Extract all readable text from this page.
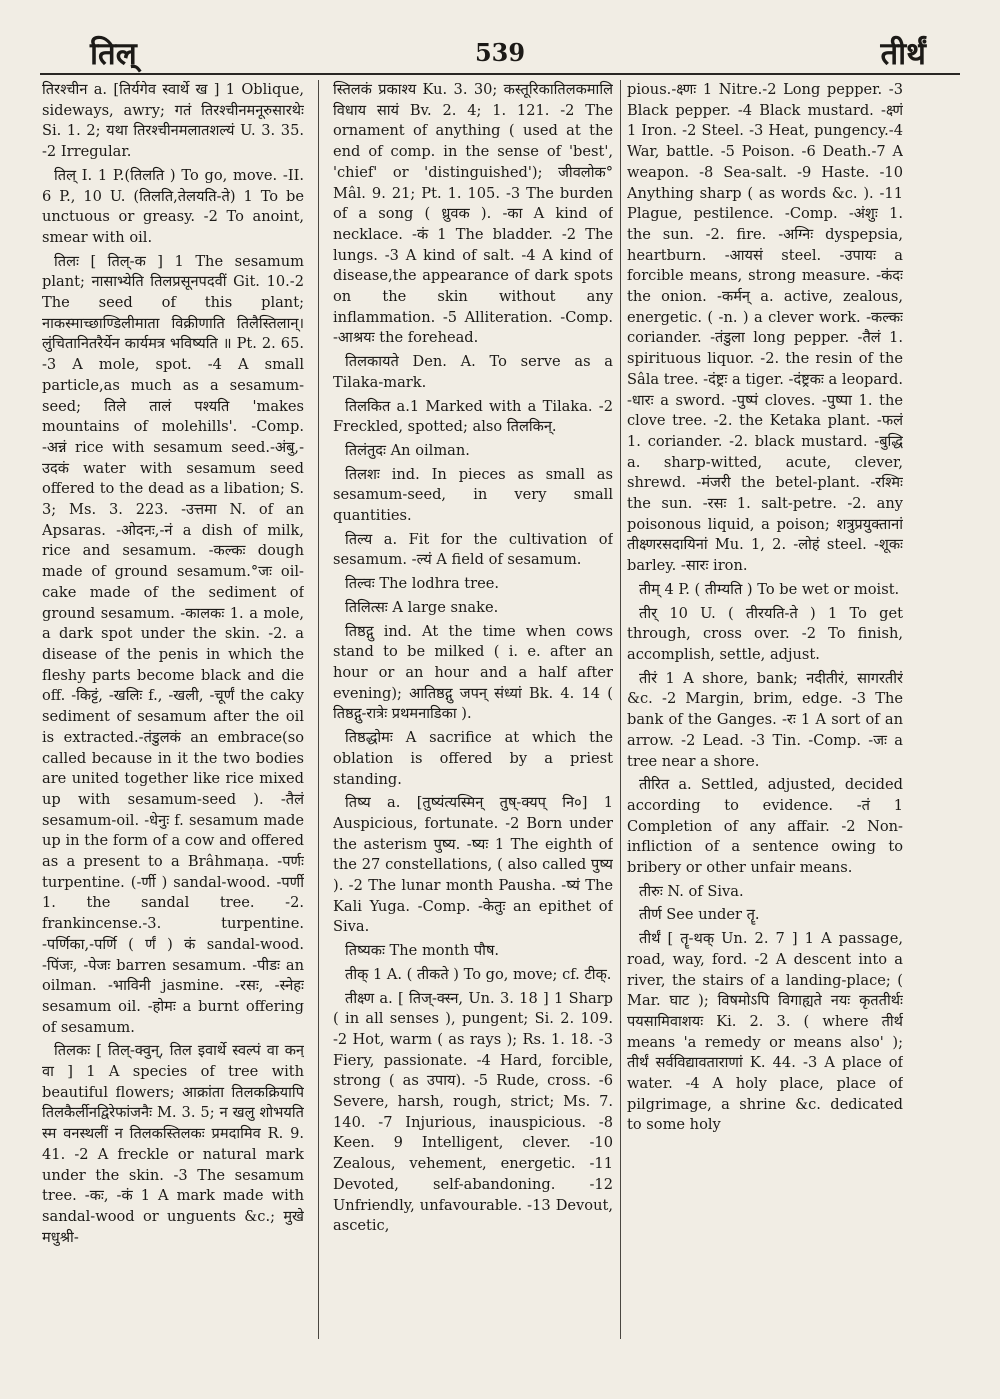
तिल्	539	तीर्थं

तिरश्चीन a. [तिर्यगेव स्वार्थे ख ] 1 Oblique, sideways, awry; गतं तिरश्चीनमनूरुसारथेः Si. 1. 2; यथा तिरश्चीनमलातशल्यं U. 3. 35. -2 Irregular.

तिल् I. 1 P.(तिलति ) To go, move. -II. 6 P., 10 U. (तिलति,तेलयति-ते) 1 To be unctuous or greasy. -2 To anoint, smear with oil.

तिलः [ तिल्-क ] 1 The sesamum plant; नासाभ्येति तिलप्रसूनपदवीं Git. 10.-2 The seed of this plant; नाकस्माच्छाण्डिलीमाता विक्रीणाति तिलैस्तिलान्। लुंचितानितरैर्येन कार्यमत्र भविष्यति ॥ Pt. 2. 65. -3 A mole, spot. -4 A small particle,as much as a sesamum-seed; तिले तालं पश्यति 'makes mountains of molehills'. -Comp. -अन्नं rice with sesamum seed.-अंबु,-उदकं water with sesamum seed offered to the dead as a libation; S. 3; Ms. 3. 223. -उत्तमा N. of an Apsaras. -ओदनः,-नं a dish of milk, rice and sesamum. -कल्कः dough made of ground sesamum.°जः oil-cake made of the sediment of ground sesamum. -कालकः 1. a mole, a dark spot under the skin. -2. a disease of the penis in which the fleshy parts become black and die off. -किट्टं, -खलिः f., -खली, -चूर्णं the caky sediment of sesamum after the oil is extracted.-तंडुलकं an embrace(so called because in it the two bodies are united together like rice mixed up with sesamum-seed ). -तैलं sesamum-oil. -धेनुः f. sesamum made up in the form of a cow and offered as a present to a Brâhmaṇa. -पर्णः turpentine. (-र्णी ) sandal-wood. -पर्णी 1. the sandal tree. -2. frankincense.-3. turpentine. -पर्णिका,-पर्णि ( र्णं ) कं sandal-wood. -पिंजः, -पेजः barren sesamum. -पीडः an oilman. -भाविनी jasmine. -रसः, -स्नेहः sesamum oil. -होमः a burnt offering of sesamum.

तिलकः [ तिल्-क्वुन्, तिल इवार्थे स्वल्पं वा कन् वा ] 1 A species of tree with beautiful flowers; आक्रांता तिलकक्रियापि तिलकैर्लीनद्विरेफांजनैः M. 3. 5; न खलु शोभयति स्म वनस्थलीं न तिलकस्तिलकः प्रमदामिव R. 9. 41. -2 A freckle or natural mark under the skin. -3 The sesamum tree. -कः, -कं 1 A mark made with sandal-wood or unguents &c.; मुखे मधुश्री-

स्तिलकं प्रकाश्य Ku. 3. 30; कस्तूरिकातिलकमालि विधाय सायं Bv. 2. 4; 1. 121. -2 The ornament of anything ( used at the end of comp. in the sense of 'best', 'chief' or 'distinguished'); जीवलोक° Mâl. 9. 21; Pt. 1. 105. -3 The burden of a song ( ध्रुवक ). -का A kind of necklace. -कं 1 The bladder. -2 The lungs. -3 A kind of salt. -4 A kind of disease,the appearance of dark spots on the skin without any inflammation. -5 Alliteration. -Comp. -आश्रयः the forehead.

तिलकायते Den. A. To serve as a Tilaka-mark.

तिलकित a.1 Marked with a Tilaka. -2 Freckled, spotted; also तिलकिन्.

तिलंतुदः An oilman.

तिलशः ind. In pieces as small as sesamum-seed, in very small quantities.

तिल्य a. Fit for the cultivation of sesamum. -ल्यं A field of sesamum.

तिल्वः The lodhra tree.

तिलित्सः A large snake.

तिष्ठद्गु ind. At the time when cows stand to be milked ( i. e. after an hour or an hour and a half after evening); आतिष्ठद्गु जपन् संध्यां Bk. 4. 14 ( तिष्ठद्गु-रात्रेः प्रथमनाडिका ).

तिष्ठद्धोमः A sacrifice at which the oblation is offered by a priest standing.

तिष्य a. [तुष्यंत्यस्मिन् तुष्-क्यप् नि०] 1 Auspicious, fortunate. -2 Born under the asterism पुष्य. -ष्यः 1 The eighth of the 27 constellations, ( also called पुष्य ). -2 The lunar month Pausha. -ष्यं The Kali Yuga. -Comp. -केतुः an epithet of Siva.

तिष्यकः The month पौष.

तीक् 1 A. ( तीकते ) To go, move; cf. टीक्.

तीक्ष्ण a. [ तिज्-क्स्न, Un. 3. 18 ] 1 Sharp ( in all senses ), pungent; Si. 2. 109. -2 Hot, warm ( as rays ); Rs. 1. 18. -3 Fiery, passionate. -4 Hard, forcible, strong ( as उपाय). -5 Rude, cross. -6 Severe, harsh, rough, strict; Ms. 7. 140. -7 Injurious, inauspicious. -8 Keen. 9 Intelligent, clever. -10 Zealous, vehement, energetic. -11 Devoted, self-abandoning. -12 Unfriendly, unfavourable. -13 Devout, ascetic,

pious.-क्ष्णः 1 Nitre.-2 Long pepper. -3 Black pepper. -4 Black mustard. -क्ष्णं 1 Iron. -2 Steel. -3 Heat, pungency.-4 War, battle. -5 Poison. -6 Death.-7 A weapon. -8 Sea-salt. -9 Haste. -10 Anything sharp ( as words &c. ). -11 Plague, pestilence. -Comp. -अंशुः 1. the sun. -2. fire. -अग्निः dyspepsia, heartburn. -आयसं steel. -उपायः a forcible means, strong measure. -कंदः the onion. -कर्मन् a. active, zealous, energetic. ( -n. ) a clever work. -कल्कः coriander. -तंडुला long pepper. -तैलं 1. spirituous liquor. -2. the resin of the Sâla tree. -दंष्ट्रः a tiger. -दंष्ट्रकः a leopard. -धारः a sword. -पुष्पं cloves. -पुष्पा 1. the clove tree. -2. the Ketaka plant. -फलं 1. coriander. -2. black mustard. -बुद्धि a. sharp-witted, acute, clever, shrewd. -मंजरी the betel-plant. -रश्मिः the sun. -रसः 1. salt-petre. -2. any poisonous liquid, a poison; शत्रुप्रयुक्तानां तीक्ष्णरसदायिनां Mu. 1, 2. -लोहं steel. -शूकः barley. -सारः iron.

तीम् 4 P. ( तीम्यति ) To be wet or moist.

तीर् 10 U. ( तीरयति-ते ) 1 To get through, cross over. -2 To finish, accomplish, settle, adjust.

तीरं 1 A shore, bank; नदीतीरं, सागरतीरं &c. -2 Margin, brim, edge. -3 The bank of the Ganges. -रः 1 A sort of an arrow. -2 Lead. -3 Tin. -Comp. -जः a tree near a shore.

तीरित a. Settled, adjusted, decided according to evidence. -तं 1 Completion of any affair. -2 Non-infliction of a sentence owing to bribery or other unfair means.

तीरुः N. of Siva.

तीर्ण See under तॄ.

तीर्थं [ तॄ-थक् Un. 2. 7 ] 1 A passage, road, way, ford. -2 A descent into a river, the stairs of a landing-place; ( Mar. घाट ); विषमोऽपि विगाह्यते नयः कृततीर्थः पयसामिवाशयः Ki. 2. 3. ( where तीर्थ means 'a remedy or means also' ); तीर्थं सर्वविद्यावताराणां K. 44. -3 A place of water. -4 A holy place, place of pilgrimage, a shrine &c. dedicated to some holy
